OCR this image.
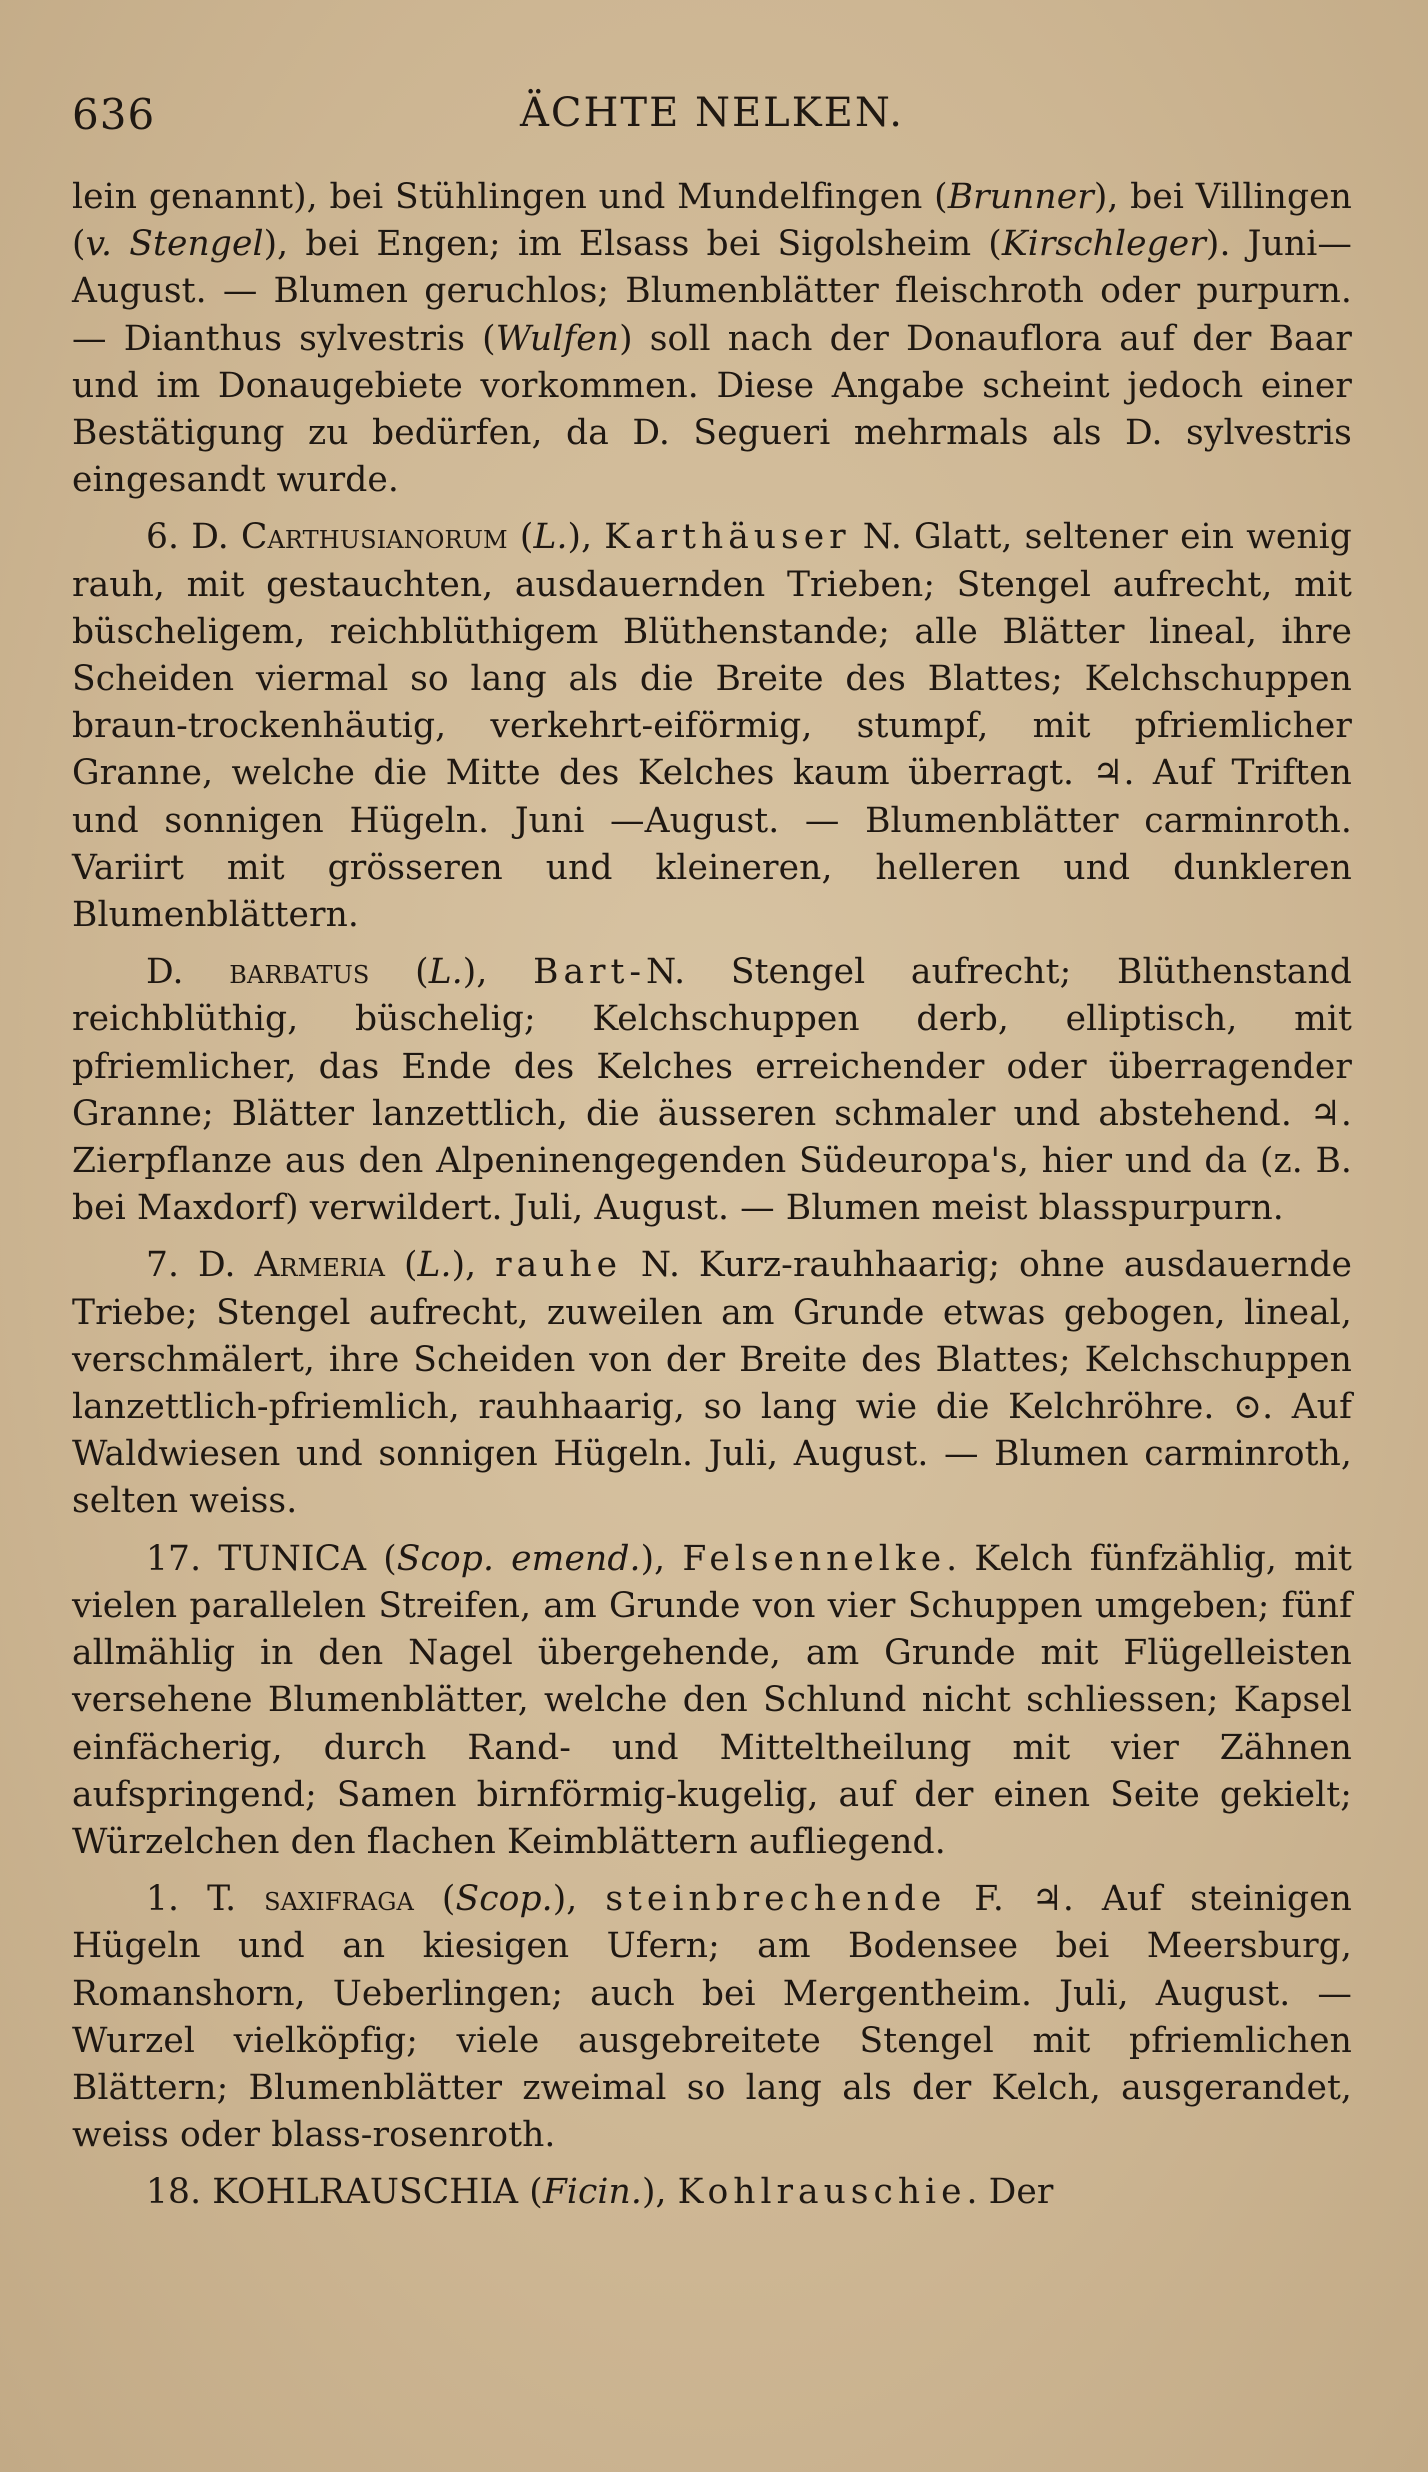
636	ÄCHTE NELKEN.

lein genannt), bei Stühlingen und Mundelfingen (Brunner), bei Villingen (v. Stengel), bei Engen; im Elsass bei Sigolsheim (Kirschleger). Juni—August. — Blumen geruchlos; Blumenblätter fleischroth oder purpurn. — Dianthus sylvestris (Wulfen) soll nach der Donauflora auf der Baar und im Donaugebiete vorkommen. Diese Angabe scheint jedoch einer Bestätigung zu bedürfen, da D. Segueri mehrmals als D. sylvestris eingesandt wurde.

6. D. Carthusianorum (L.), Karthäuser N. Glatt, seltener ein wenig rauh, mit gestauchten, ausdauernden Trieben; Stengel aufrecht, mit büscheligem, reichblüthigem Blüthenstande; alle Blätter lineal, ihre Scheiden viermal so lang als die Breite des Blattes; Kelchschuppen braun-trockenhäutig, verkehrt-eiförmig, stumpf, mit pfriemlicher Granne, welche die Mitte des Kelches kaum überragt. ♃. Auf Triften und sonnigen Hügeln. Juni —August. — Blumenblätter carminroth. Variirt mit grösseren und kleineren, helleren und dunkleren Blumenblättern.

D. barbatus (L.), Bart-N. Stengel aufrecht; Blüthenstand reichblüthig, büschelig; Kelchschuppen derb, elliptisch, mit pfriemlicher, das Ende des Kelches erreichender oder überragender Granne; Blätter lanzettlich, die äusseren schmaler und abstehend. ♃. Zierpflanze aus den Alpeninengegenden Südeuropa's, hier und da (z. B. bei Maxdorf) verwildert. Juli, August. — Blumen meist blasspurpurn.

7. D. Armeria (L.), rauhe N. Kurz-rauhhaarig; ohne ausdauernde Triebe; Stengel aufrecht, zuweilen am Grunde etwas gebogen, lineal, verschmälert, ihre Scheiden von der Breite des Blattes; Kelchschuppen lanzettlich-pfriemlich, rauhhaarig, so lang wie die Kelchröhre. ⊙. Auf Waldwiesen und sonnigen Hügeln. Juli, August. — Blumen carminroth, selten weiss.

17. TUNICA (Scop. emend.), Felsennelke. Kelch fünfzählig, mit vielen parallelen Streifen, am Grunde von vier Schuppen umgeben; fünf allmählig in den Nagel übergehende, am Grunde mit Flügelleisten versehene Blumenblätter, welche den Schlund nicht schliessen; Kapsel einfächerig, durch Rand- und Mitteltheilung mit vier Zähnen aufspringend; Samen birnförmig-kugelig, auf der einen Seite gekielt; Würzelchen den flachen Keimblättern aufliegend.

1. T. saxifraga (Scop.), steinbrechende F. ♃. Auf steinigen Hügeln und an kiesigen Ufern; am Bodensee bei Meersburg, Romanshorn, Ueberlingen; auch bei Mergentheim. Juli, August. — Wurzel vielköpfig; viele ausgebreitete Stengel mit pfriemlichen Blättern; Blumenblätter zweimal so lang als der Kelch, ausgerandet, weiss oder blass-rosenroth.

18. KOHLRAUSCHIA (Ficin.), Kohlrauschie. Der
